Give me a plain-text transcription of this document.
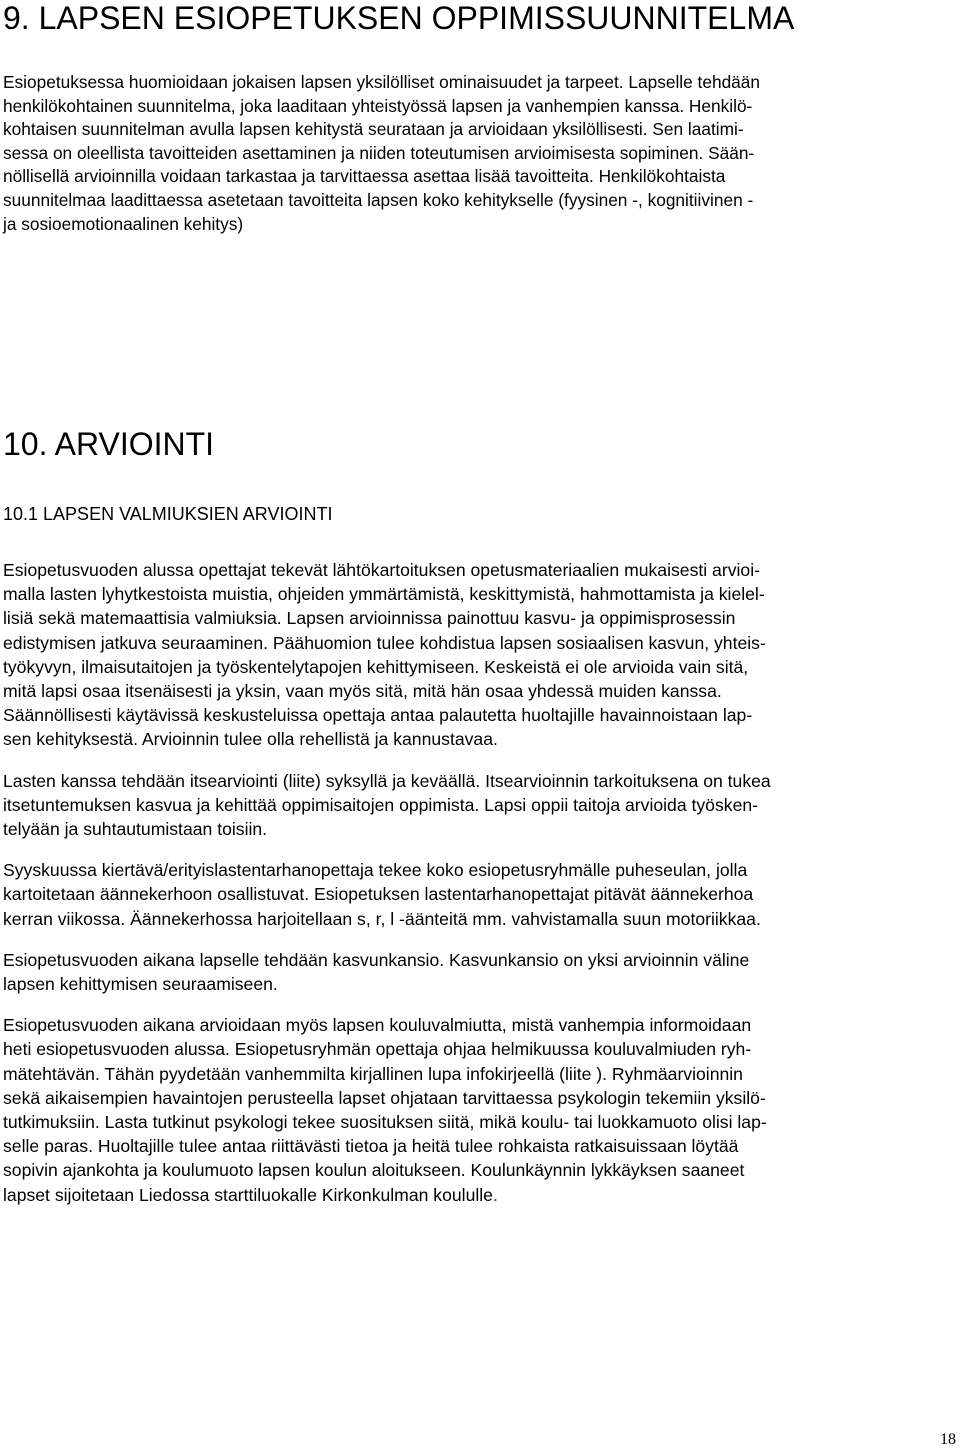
9. LAPSEN ESIOPETUKSEN OPPIMISSUUNNITELMA
Esiopetuksessa huomioidaan jokaisen lapsen yksilölliset ominaisuudet ja tarpeet. Lapselle tehdään
henkilökohtainen suunnitelma, joka laaditaan yhteistyössä lapsen ja vanhempien kanssa. Henkilö-
kohtaisen suunnitelman avulla lapsen kehitystä seurataan ja arvioidaan yksilöllisesti. Sen laatimi-
sessa on oleellista tavoitteiden asettaminen ja niiden toteutumisen arvioimisesta sopiminen. Sään-
nöllisellä arvioinnilla voidaan tarkastaa ja tarvittaessa asettaa lisää tavoitteita. Henkilökohtaista
suunnitelmaa laadittaessa asetetaan tavoitteita lapsen koko kehitykselle (fyysinen -, kognitiivinen -
ja sosioemotionaalinen kehitys)
10. ARVIOINTI
10.1 LAPSEN VALMIUKSIEN ARVIOINTI
Esiopetusvuoden alussa opettajat tekevät lähtökartoituksen opetusmateriaalien mukaisesti arvioi-
malla lasten lyhytkestoista muistia, ohjeiden ymmärtämistä, keskittymistä, hahmottamista ja kielel-
lisiä sekä matemaattisia valmiuksia. Lapsen arvioinnissa painottuu kasvu- ja oppimisprosessin
edistymisen jatkuva seuraaminen. Päähuomion tulee kohdistua lapsen sosiaalisen kasvun, yhteis-
työkyvyn, ilmaisutaitojen ja työskentelytapojen kehittymiseen. Keskeistä ei ole arvioida vain sitä,
mitä lapsi osaa itsenäisesti ja yksin, vaan myös sitä, mitä hän osaa yhdessä muiden kanssa.
Säännöllisesti käytävissä keskusteluissa opettaja antaa palautetta huoltajille havainnoistaan lap-
sen kehityksestä. Arvioinnin tulee olla rehellistä ja kannustavaa.
Lasten kanssa tehdään itsearviointi (liite) syksyllä ja keväällä. Itsearvioinnin tarkoituksena on tukea
itsetuntemuksen kasvua ja kehittää oppimisaitojen oppimista. Lapsi oppii taitoja arvioida työsken-
telyään ja suhtautumistaan toisiin.
Syyskuussa kiertävä/erityislastentarhanopettaja tekee koko esiopetusryhmälle puheseulan, jolla
kartoitetaan äännekerhoon osallistuvat. Esiopetuksen lastentarhanopettajat pitävät äännekerhoa
kerran viikossa. Äännekerhossa harjoitellaan s, r, l -äänteitä mm. vahvistamalla suun motoriikkaa.
Esiopetusvuoden aikana lapselle tehdään kasvunkansio. Kasvunkansio on yksi arvioinnin väline
lapsen kehittymisen seuraamiseen.
Esiopetusvuoden aikana arvioidaan myös lapsen kouluvalmiutta, mistä vanhempia informoidaan
heti esiopetusvuoden alussa. Esiopetusryhmän opettaja ohjaa helmikuussa kouluvalmiuden ryh-
mätehtävän. Tähän pyydetään vanhemmilta kirjallinen lupa infokirjeellä (liite ). Ryhmäarvioinnin
sekä aikaisempien havaintojen perusteella lapset ohjataan tarvittaessa psykologin tekemiin yksilö-
tutkimuksiin. Lasta tutkinut psykologi tekee suosituksen siitä, mikä koulu- tai luokkamuoto olisi lap-
selle paras. Huoltajille tulee antaa riittävästi tietoa ja heitä tulee rohkaista ratkaisuissaan löytää
sopivin ajankohta ja koulumuoto lapsen koulun aloitukseen. Koulunkäynnin lykkäyksen saaneet
lapset sijoitetaan Liedossa starttiluokalle Kirkonkulman koululle.
18
